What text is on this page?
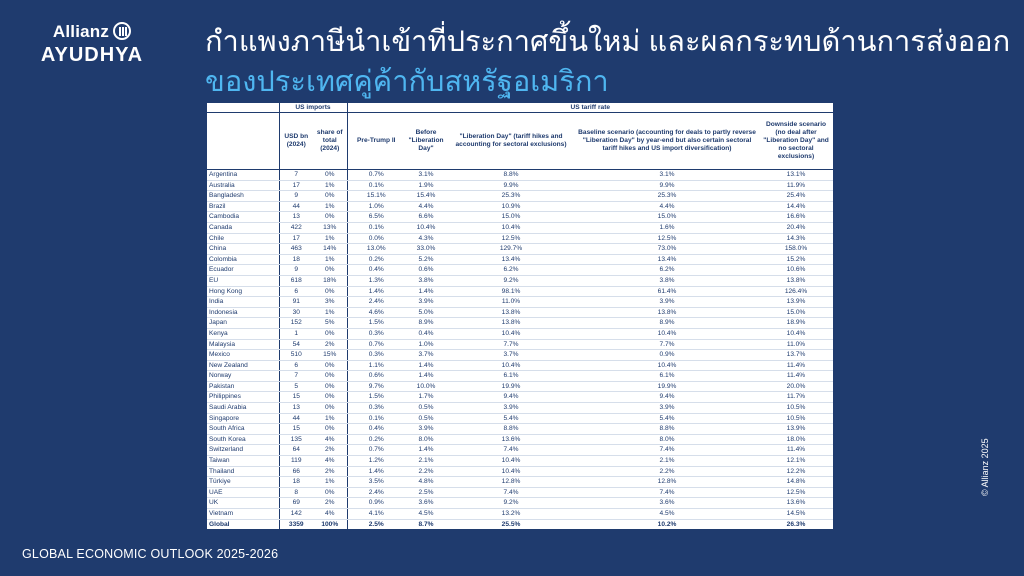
Allianz
AYUDHYA	กำแพงภาษีนำเข้าที่ประกาศขึ้นใหม่ และผลกระทบด้านการส่งออก
ของประเทศคู่ค้ากับสหรัฐอเมริกา
	US imports		US tariff rate				
	USD bn (2024)	share of total (2024)	Pre-Trump II	Before "Liberation Day"	"Liberation Day" (tariff hikes and accounting for sectoral exclusions)	Baseline scenario (accounting for deals to partly reverse "Liberation Day" by year-end but also certain sectoral tariff hikes and US import diversification)	Downside scenario (no deal after "Liberation Day" and no sectoral exclusions)
Argentina	7	0%	0.7%	3.1%	8.8%	3.1%	13.1%
Australia	17	1%	0.1%	1.9%	9.9%	9.9%	11.9%
Bangladesh	9	0%	15.1%	15.4%	25.3%	25.3%	25.4%
Brazil	44	1%	1.0%	4.4%	10.9%	4.4%	14.4%
Cambodia	13	0%	6.5%	6.6%	15.0%	15.0%	16.6%
Canada	422	13%	0.1%	10.4%	10.4%	1.6%	20.4%
Chile	17	1%	0.0%	4.3%	12.5%	12.5%	14.3%
China	463	14%	13.0%	33.0%	129.7%	73.0%	158.0%
Colombia	18	1%	0.2%	5.2%	13.4%	13.4%	15.2%
Ecuador	9	0%	0.4%	0.6%	6.2%	6.2%	10.6%
EU	618	18%	1.3%	3.8%	9.2%	3.8%	13.8%
Hong Kong	6	0%	1.4%	1.4%	98.1%	61.4%	126.4%
India	91	3%	2.4%	3.9%	11.0%	3.9%	13.9%
Indonesia	30	1%	4.6%	5.0%	13.8%	13.8%	15.0%
Japan	152	5%	1.5%	8.9%	13.8%	8.9%	18.9%
Kenya	1	0%	0.3%	0.4%	10.4%	10.4%	10.4%
Malaysia	54	2%	0.7%	1.0%	7.7%	7.7%	11.0%
Mexico	510	15%	0.3%	3.7%	3.7%	0.9%	13.7%
New Zealand	6	0%	1.1%	1.4%	10.4%	10.4%	11.4%
Norway	7	0%	0.6%	1.4%	6.1%	6.1%	11.4%
Pakistan	5	0%	9.7%	10.0%	19.9%	19.9%	20.0%
Philippines	15	0%	1.5%	1.7%	9.4%	9.4%	11.7%
Saudi Arabia	13	0%	0.3%	0.5%	3.9%	3.9%	10.5%
Singapore	44	1%	0.1%	0.5%	5.4%	5.4%	10.5%
South Africa	15	0%	0.4%	3.9%	8.8%	8.8%	13.9%
South Korea	135	4%	0.2%	8.0%	13.6%	8.0%	18.0%
Switzerland	64	2%	0.7%	1.4%	7.4%	7.4%	11.4%
Taiwan	119	4%	1.2%	2.1%	10.4%	2.1%	12.1%
Thailand	66	2%	1.4%	2.2%	10.4%	2.2%	12.2%
Türkiye	18	1%	3.5%	4.8%	12.8%	12.8%	14.8%
UAE	8	0%	2.4%	2.5%	7.4%	7.4%	12.5%
UK	69	2%	0.9%	3.6%	9.2%	3.6%	13.6%
Vietnam	142	4%	4.1%	4.5%	13.2%	4.5%	14.5%
Global	3359	100%	2.5%	8.7%	25.5%	10.2%	26.3%
GLOBAL ECONOMIC OUTLOOK 2025-2026
© Allianz 2025
